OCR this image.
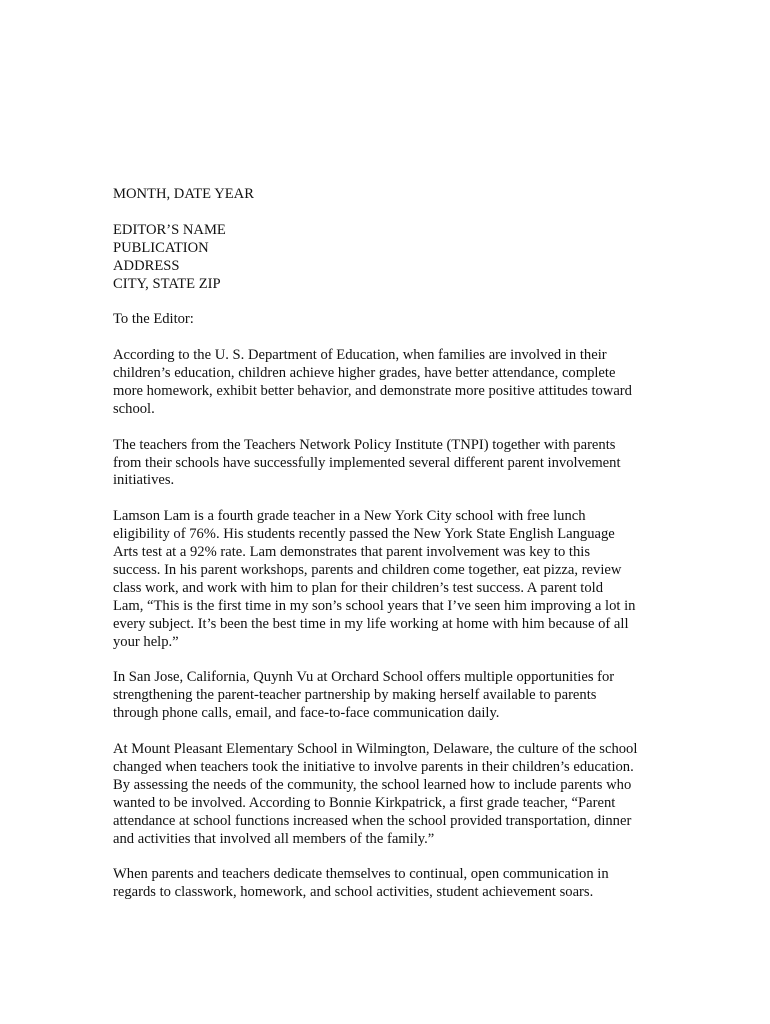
MONTH, DATE YEAR
EDITOR’S NAME
PUBLICATION
ADDRESS
CITY, STATE ZIP
To the Editor:

According to the U. S. Department of Education, when families are involved in their
children’s education, children achieve higher grades, have better attendance, complete
more homework, exhibit better behavior, and demonstrate more positive attitudes toward
school.

The teachers from the Teachers Network Policy Institute (TNPI) together with parents
from their schools have successfully implemented several different parent involvement
initiatives.

Lamson Lam is a fourth grade teacher in a New York City school with free lunch
eligibility of 76%. His students recently passed the New York State English Language
Arts test at a 92% rate. Lam demonstrates that parent involvement was key to this
success. In his parent workshops, parents and children come together, eat pizza, review
class work, and work with him to plan for their children’s test success. A parent told
Lam, “This is the first time in my son’s school years that I’ve seen him improving a lot in
every subject. It’s been the best time in my life working at home with him because of all
your help.”

In San Jose, California, Quynh Vu at Orchard School offers multiple opportunities for
strengthening the parent-teacher partnership by making herself available to parents
through phone calls, email, and face-to-face communication daily.

At Mount Pleasant Elementary School in Wilmington, Delaware, the culture of the school
changed when teachers took the initiative to involve parents in their children’s education.
By assessing the needs of the community, the school learned how to include parents who
wanted to be involved. According to Bonnie Kirkpatrick, a first grade teacher, “Parent
attendance at school functions increased when the school provided transportation, dinner
and activities that involved all members of the family.”

When parents and teachers dedicate themselves to continual, open communication in
regards to classwork, homework, and school activities, student achievement soars.
